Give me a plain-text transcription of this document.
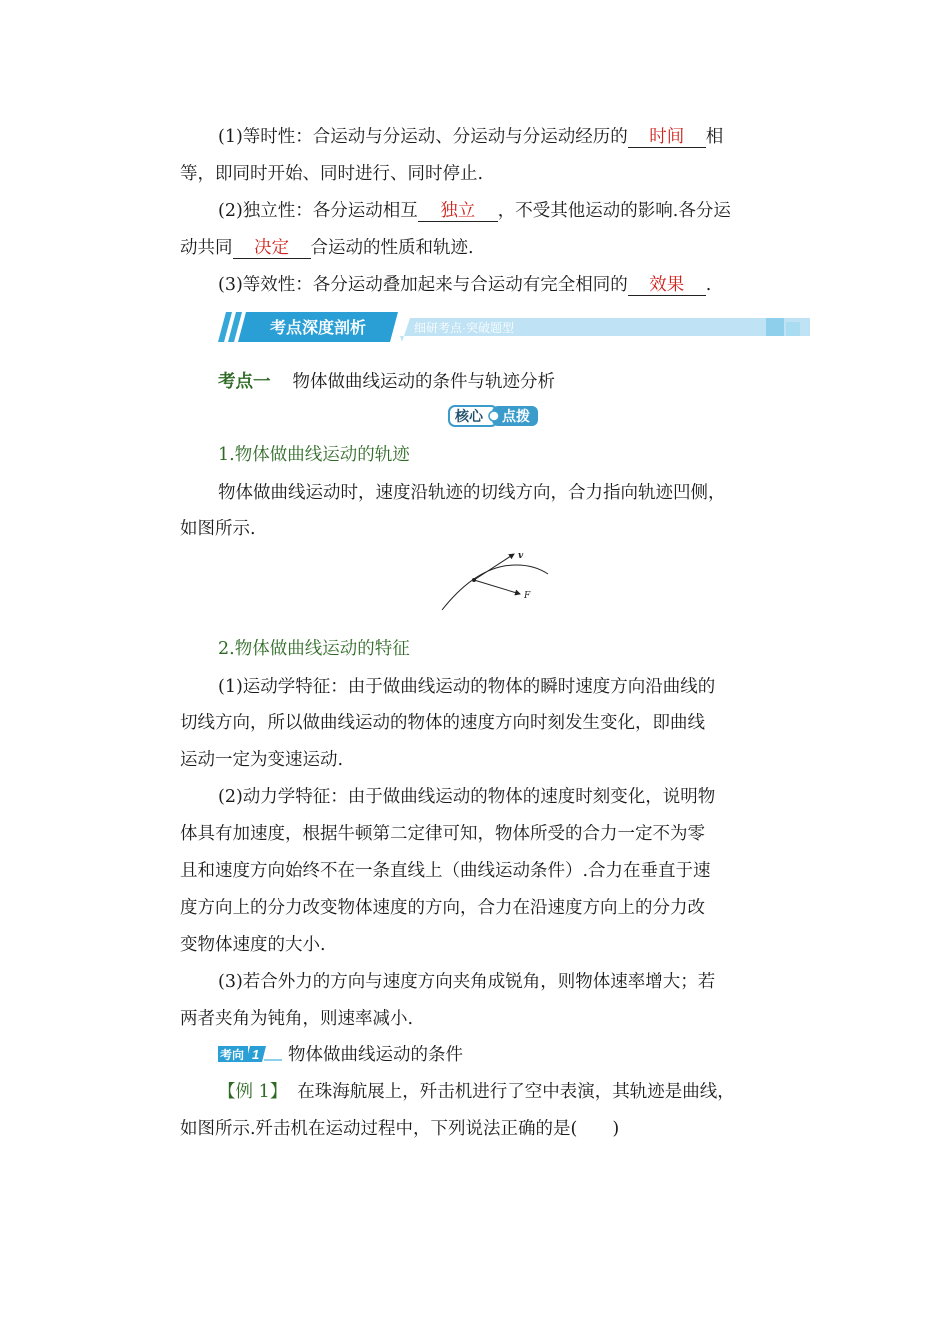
(1)等时性：合运动与分运动、分运动与分运动经历的 时间 相
等，即同时开始、同时进行、同时停止.
(2)独立性：各分运动相互 独立 ，不受其他运动的影响.各分运
动共同 决定 合运动的性质和轨迹.
(3)等效性：各分运动叠加起来与合运动有完全相同的 效果 .
考点深度剖析	细研考点·突破题型
考点一 物体做曲线运动的条件与轨迹分析
核心 点拨
1.物体做曲线运动的轨迹
物体做曲线运动时，速度沿轨迹的切线方向，合力指向轨迹凹侧，
如图所示.
v
F
2.物体做曲线运动的特征
(1)运动学特征：由于做曲线运动的物体的瞬时速度方向沿曲线的
切线方向，所以做曲线运动的物体的速度方向时刻发生变化，即曲线
运动一定为变速运动.
(2)动力学特征：由于做曲线运动的物体的速度时刻变化，说明物
体具有加速度，根据牛顿第二定律可知，物体所受的合力一定不为零
且和速度方向始终不在一条直线上（曲线运动条件）.合力在垂直于速
度方向上的分力改变物体速度的方向，合力在沿速度方向上的分力改
变物体速度的大小.
(3)若合外力的方向与速度方向夹角成锐角，则物体速率增大；若
两者夹角为钝角，则速率减小.
考向 1 物体做曲线运动的条件
【例 1】 在珠海航展上，歼击机进行了空中表演，其轨迹是曲线，
如图所示.歼击机在运动过程中，下列说法正确的是(　　)
